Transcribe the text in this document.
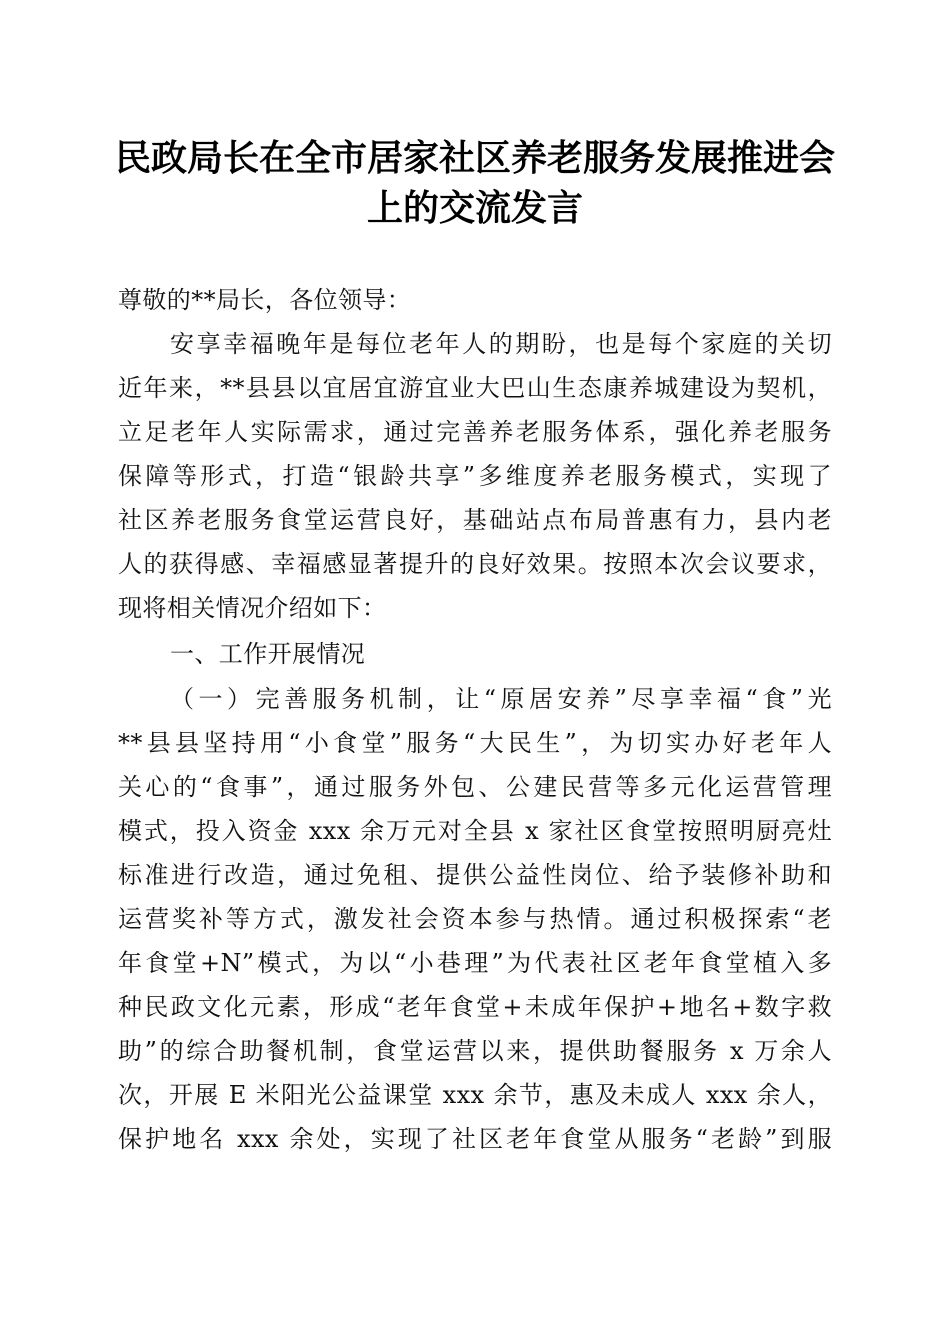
民政局长在全市居家社区养老服务发展推进会
上的交流发言
尊敬的**局长，各位领导：
安享幸福晚年是每位老年人的期盼，也是每个家庭的关切
近年来，**县县以宜居宜游宜业大巴山生态康养城建设为契机，
立足老年人实际需求，通过完善养老服务体系，强化养老服务
保障等形式，打造“银龄共享”多维度养老服务模式，实现了
社区养老服务食堂运营良好，基础站点布局普惠有力，县内老
人的获得感、幸福感显著提升的良好效果。按照本次会议要求，
现将相关情况介绍如下：
一、工作开展情况
（一）完善服务机制，让“原居安养”尽享幸福“食”光
**县县坚持用“小食堂”服务“大民生”，为切实办好老年人
关心的“食事”，通过服务外包、公建民营等多元化运营管理
模式，投入资金 xxx 余万元对全县 x 家社区食堂按照明厨亮灶
标准进行改造，通过免租、提供公益性岗位、给予装修补助和
运营奖补等方式，激发社会资本参与热情。通过积极探索“老
年食堂+N”模式，为以“小巷理”为代表社区老年食堂植入多
种民政文化元素，形成“老年食堂+未成年保护+地名+数字救
助”的综合助餐机制，食堂运营以来，提供助餐服务 x 万余人
次，开展 E 米阳光公益课堂 xxx 余节，惠及未成人 xxx 余人，
保护地名 xxx 余处，实现了社区老年食堂从服务“老龄”到服
